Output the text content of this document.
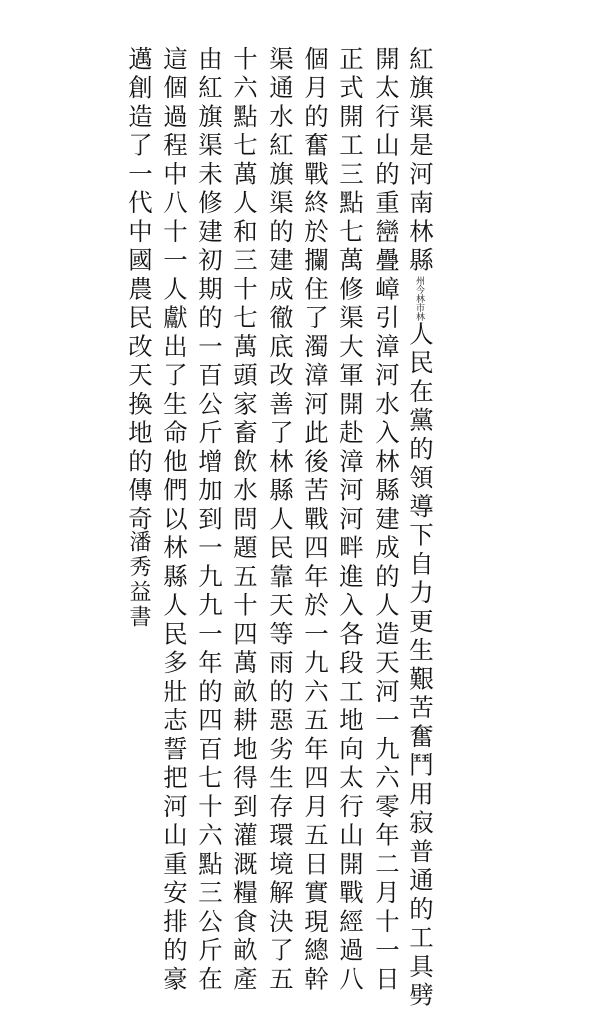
紅旗渠是河南林縣州今林市林人民在黨的領導下自力更生艱苦奮鬥用寂普通的工具劈
開太行山的重巒疊嶂引漳河水入林縣建成的人造天河一九六零年二月十一日
正式開工三點七萬修渠大軍開赴漳河河畔進入各段工地向太行山開戰經過八
個月的奮戰終於攔住了濁漳河此後苦戰四年於一九六五年四月五日實現總幹
渠通水紅旗渠的建成徹底改善了林縣人民靠天等雨的惡劣生存環境解決了五
十六點七萬人和三十七萬頭家畜飲水問題五十四萬畝耕地得到灌溉糧食畝產
由紅旗渠未修建初期的一百公斤增加到一九九一年的四百七十六點三公斤在
這個過程中八十一人獻出了生命他們以林縣人民多壯志誓把河山重安排的豪
邁創造了一代中國農民改天換地的傳奇
潘秀益書
